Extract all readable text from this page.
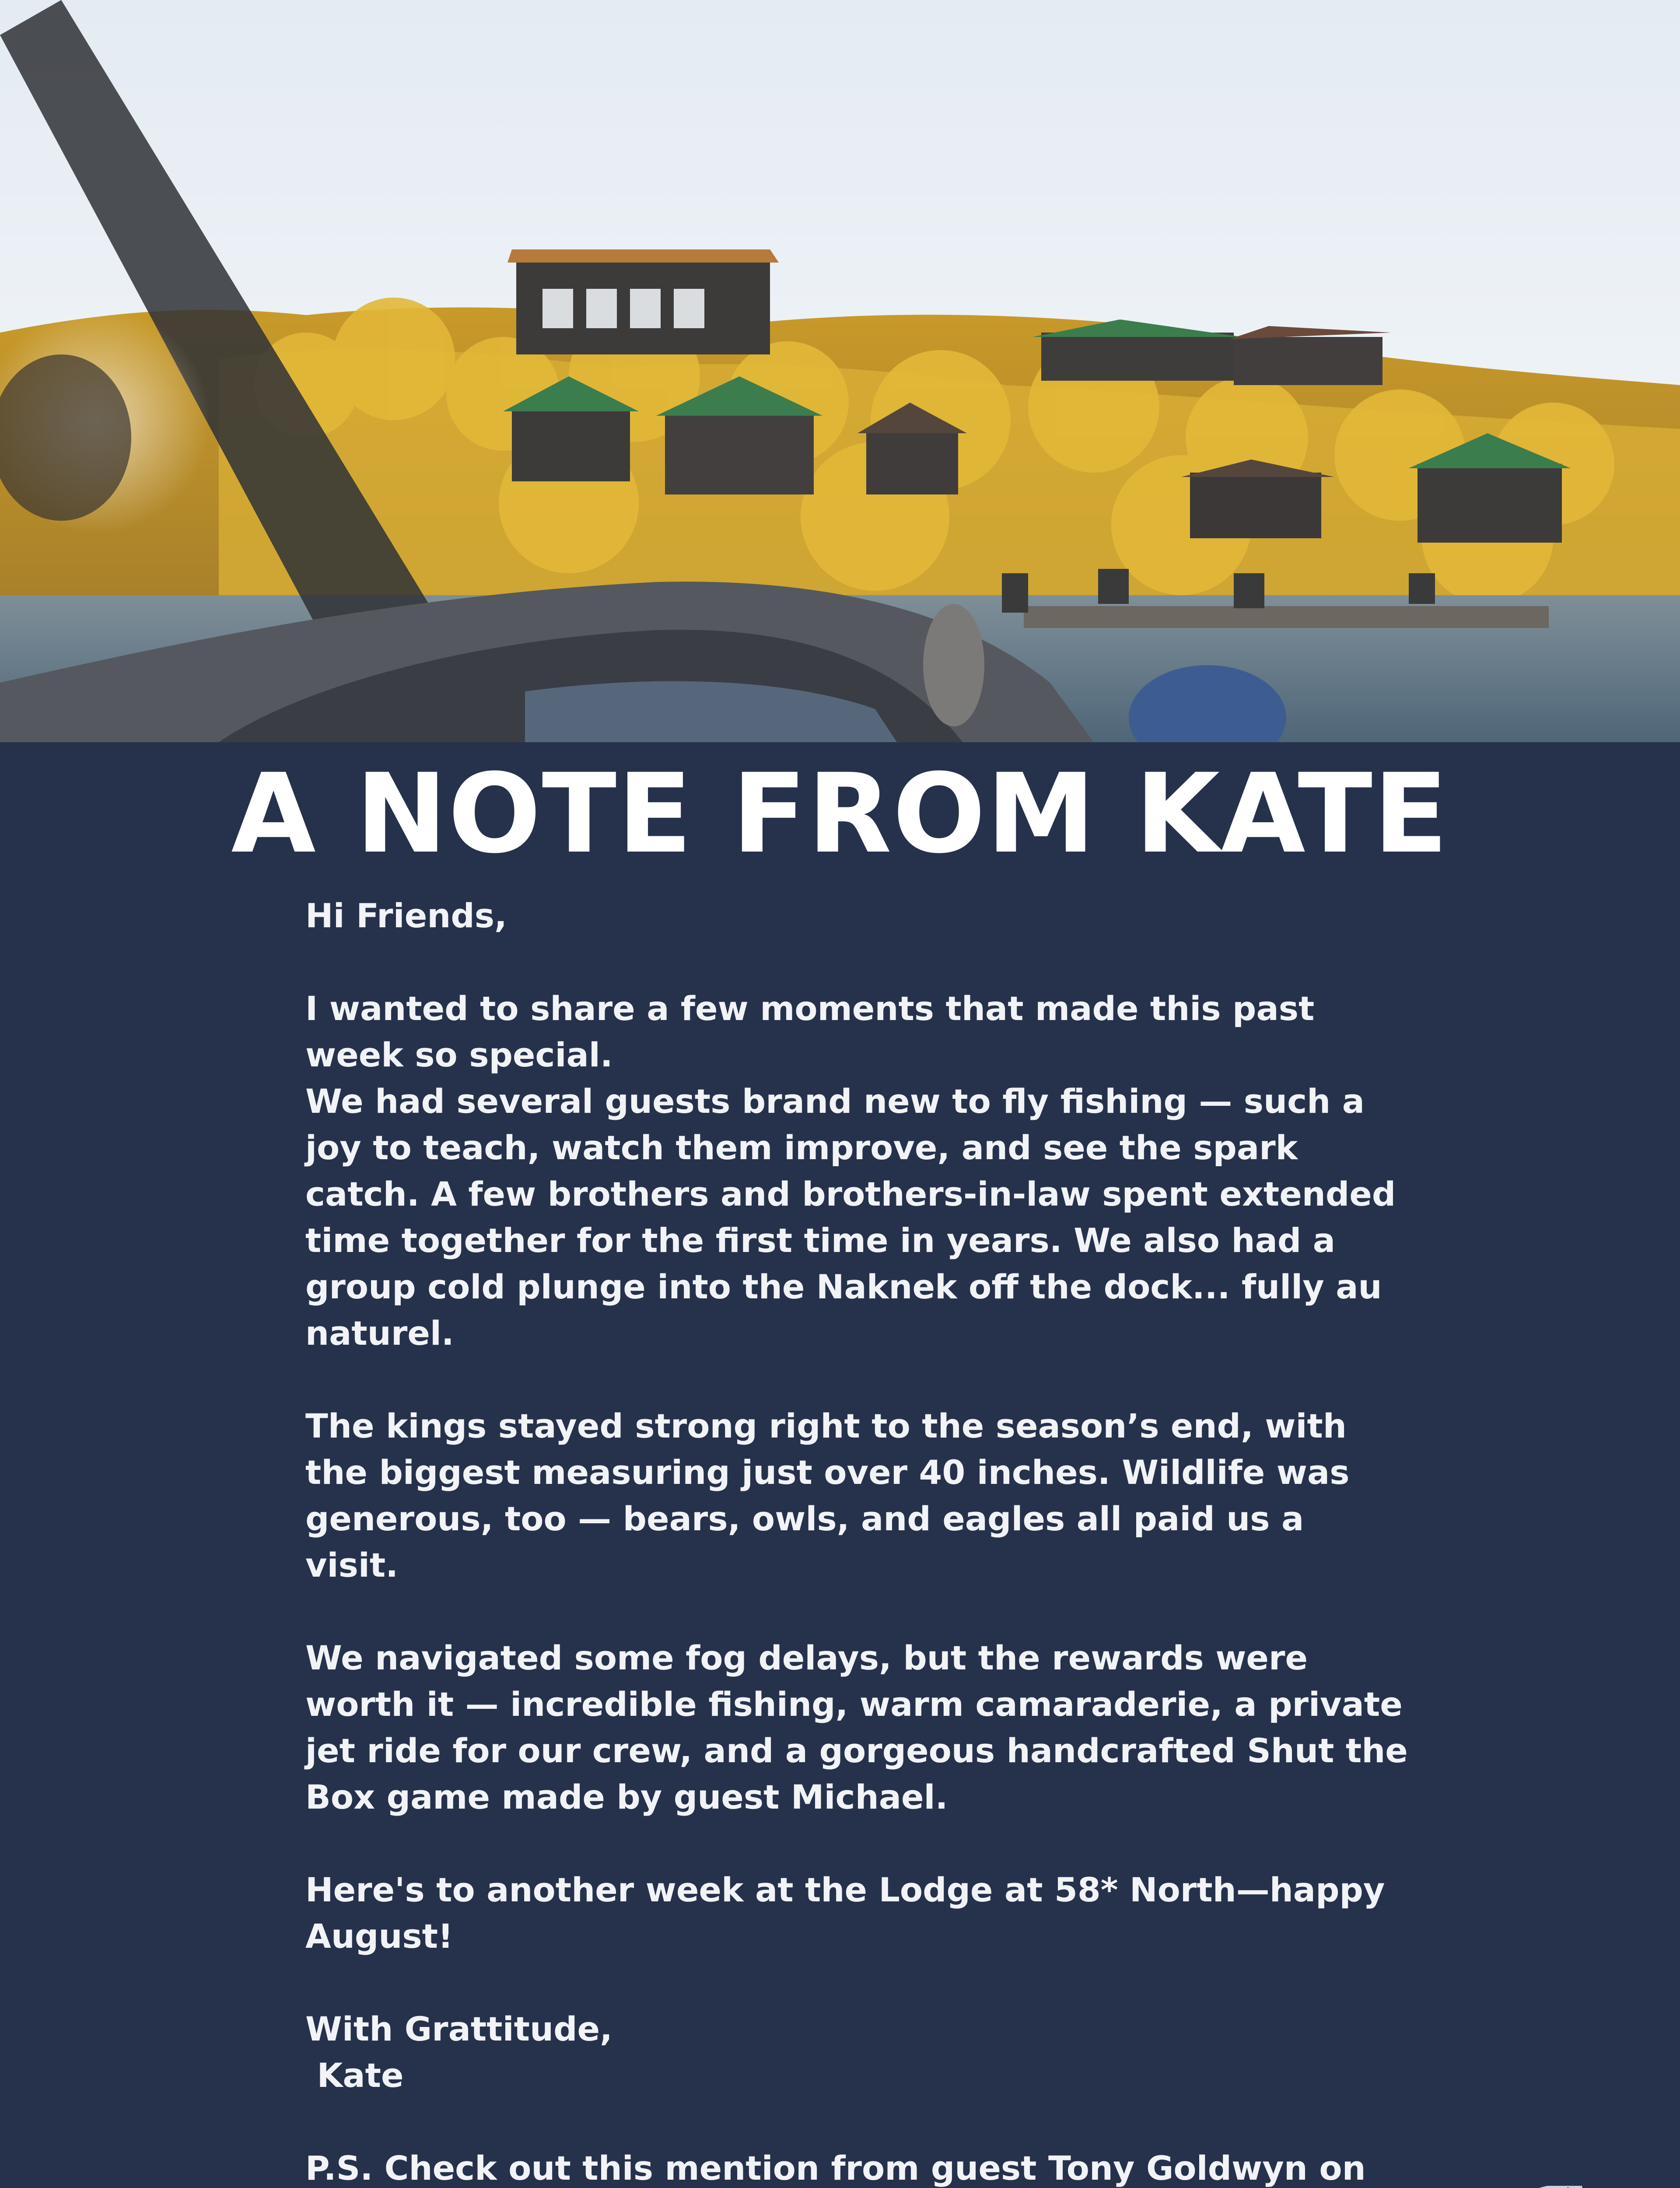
A NOTE FROM KATE

Hi Friends,

I wanted to share a few moments that made this past week so special.
We had several guests brand new to fly fishing — such a joy to teach, watch them improve, and see the spark catch. A few brothers and brothers-in-law spent extended time together for the first time in years. We also had a group cold plunge into the Naknek off the dock... fully au naturel.

The kings stayed strong right to the season’s end, with the biggest measuring just over 40 inches. Wildlife was generous, too — bears, owls, and eagles all paid us a visit.

We navigated some fog delays, but the rewards were worth it — incredible fishing, warm camaraderie, a private jet ride for our crew, and a gorgeous handcrafted Shut the Box game made by guest Michael.

Here's to another week at the Lodge at 58* North—happy August!

With Grattitude,
Kate

P.S. Check out this mention from guest Tony Goldwyn on
